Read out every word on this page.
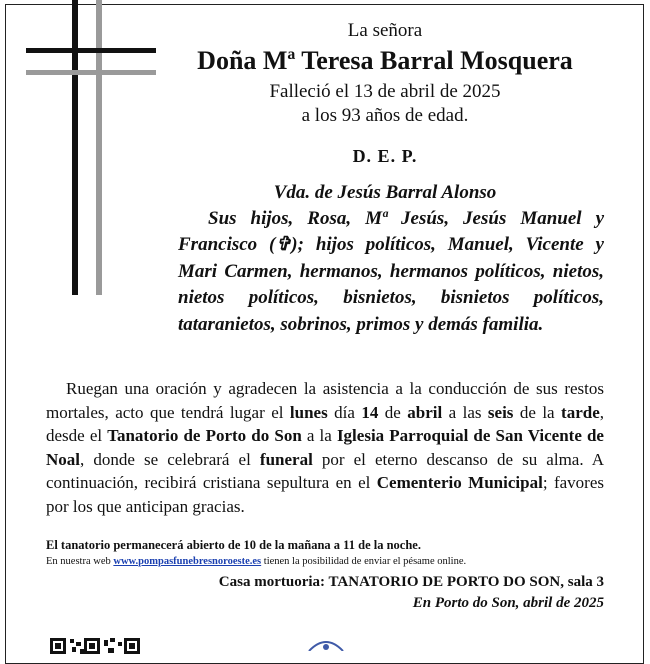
La señora
Doña Mª Teresa Barral Mosquera
Falleció el 13 de abril de 2025
a los 93 años de edad.
D. E. P.
Vda. de Jesús Barral Alonso
Sus hijos, Rosa, Mª Jesús, Jesús Manuel y Francisco (✞); hijos políticos, Manuel, Vicente y Mari Carmen, hermanos, hermanos políticos, nietos, nietos políticos, bisnietos, bisnietos políticos, tataranietos, sobrinos, primos y demás familia.
Ruegan una oración y agradecen la asistencia a la conducción de sus restos mortales, acto que tendrá lugar el lunes día 14 de abril a las seis de la tarde, desde el Tanatorio de Porto do Son a la Iglesia Parroquial de San Vicente de Noal, donde se celebrará el funeral por el eterno descanso de su alma. A continuación, recibirá cristiana sepultura en el Cementerio Municipal; favores por los que anticipan gracias.
El tanatorio permanecerá abierto de 10 de la mañana a 11 de la noche.
En nuestra web www.pompasfunebresnoroeste.es tienen la posibilidad de enviar el pésame online.
Casa mortuoria: TANATORIO DE PORTO DO SON, sala 3
En Porto do Son, abril de 2025
